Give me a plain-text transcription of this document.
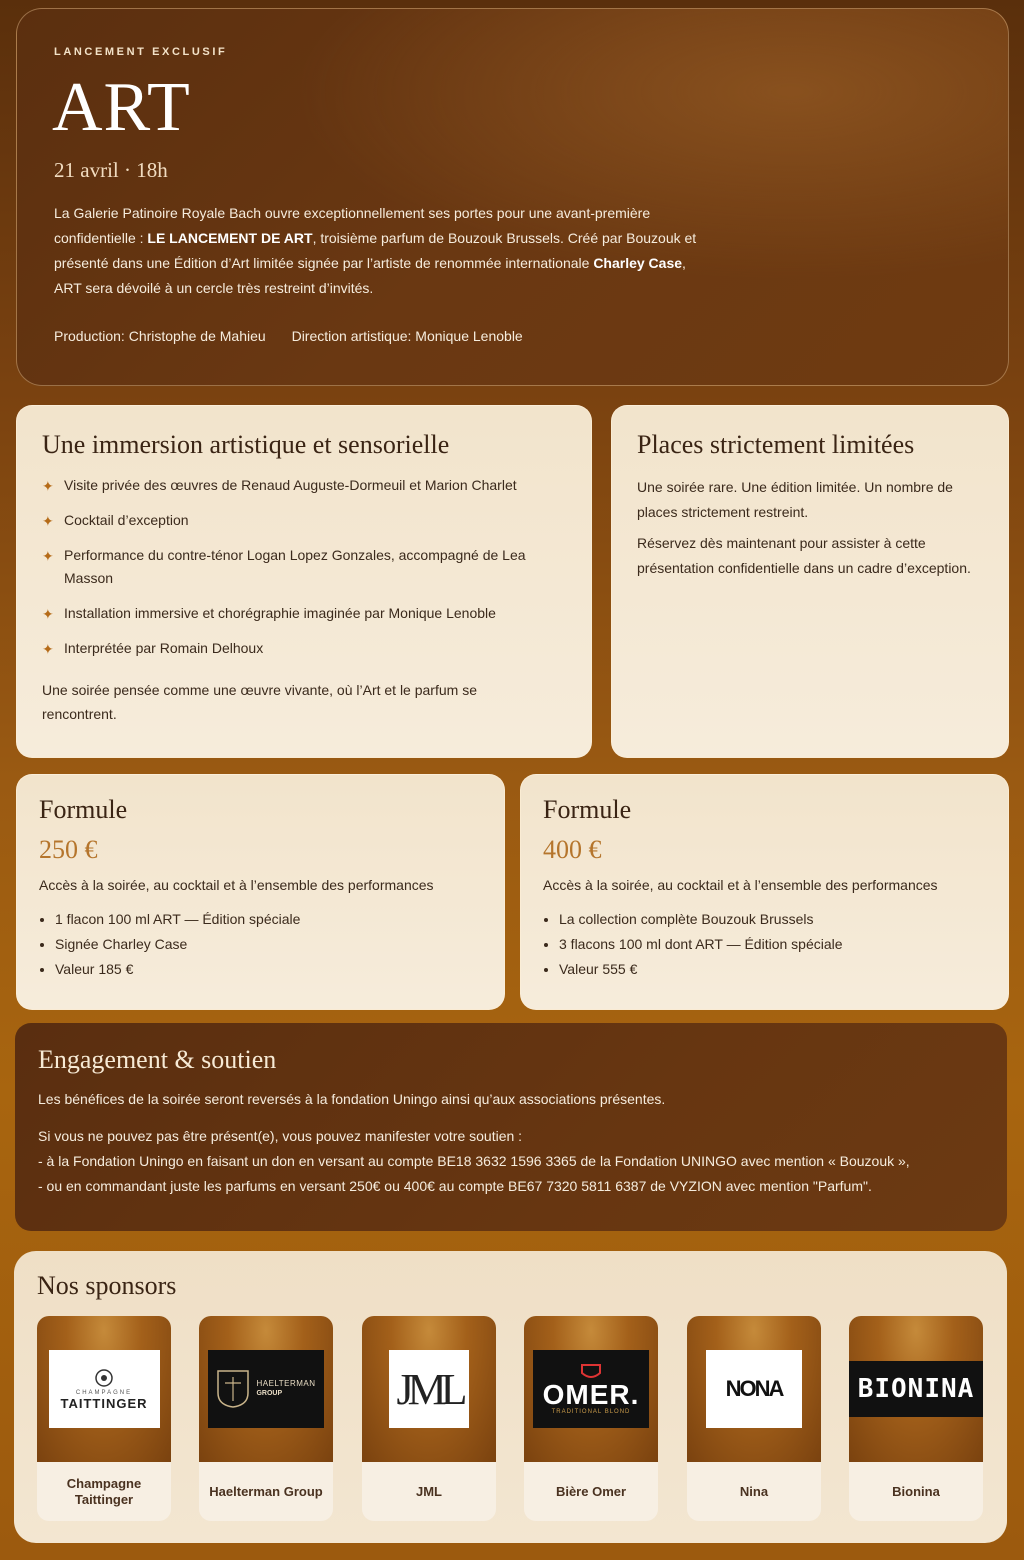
LANCEMENT EXCLUSIF
ART
21 avril · 18h

La Galerie Patinoire Royale Bach ouvre exceptionnellement ses portes pour une avant-première confidentielle : LE LANCEMENT DE ART, troisième parfum de Bouzouk Brussels. Créé par Bouzouk et présenté dans une Édition d’Art limitée signée par l’artiste de renommée internationale Charley Case, ART sera dévoilé à un cercle très restreint d’invités.

Production: Christophe de Mahieu Direction artistique: Monique Lenoble
Une immersion artistique et sensorielle
✦ Visite privée des œuvres de Renaud Auguste-Dormeuil et Marion Charlet
✦ Cocktail d’exception
✦ Performance du contre-ténor Logan Lopez Gonzales, accompagné de Lea Masson
✦ Installation immersive et chorégraphie imaginée par Monique Lenoble
✦ Interprétée par Romain Delhoux

Une soirée pensée comme une œuvre vivante, où l’Art et le parfum se rencontrent.

Places strictement limitées

Une soirée rare. Une édition limitée. Un nombre de places strictement restreint.

Réservez dès maintenant pour assister à cette présentation confidentielle dans un cadre d’exception.

Formule
250 €

Accès à la soirée, au cocktail et à l’ensemble des performances

• 1 flacon 100 ml ART — Édition spéciale
• Signée Charley Case
• Valeur 185 €
Formule
400 €

Accès à la soirée, au cocktail et à l’ensemble des performances

• La collection complète Bouzouk Brussels
• 3 flacons 100 ml dont ART — Édition spéciale
• Valeur 555 €
Engagement & soutien

Les bénéfices de la soirée seront reversés à la fondation Uningo ainsi qu’aux associations présentes.

Si vous ne pouvez pas être présent(e), vous pouvez manifester votre soutien :

- à la Fondation Uningo en faisant un don en versant au compte BE18 3632 1596 3365 de la Fondation UNINGO avec mention « Bouzouk »,

- ou en commandant juste les parfums en versant 250€ ou 400€ au compte BE67 7320 5811 6387 de VYZION avec mention "Parfum".

Nos sponsors
CHAMPAGNE
TAITTINGER
Champagne Taittinger
HAELTERMAN
GROUP
Haelterman Group
JML
JML
OMER.
TRADITIONAL BLOND
Bière Omer
NONA
Nina
BIONINA
Bionina
